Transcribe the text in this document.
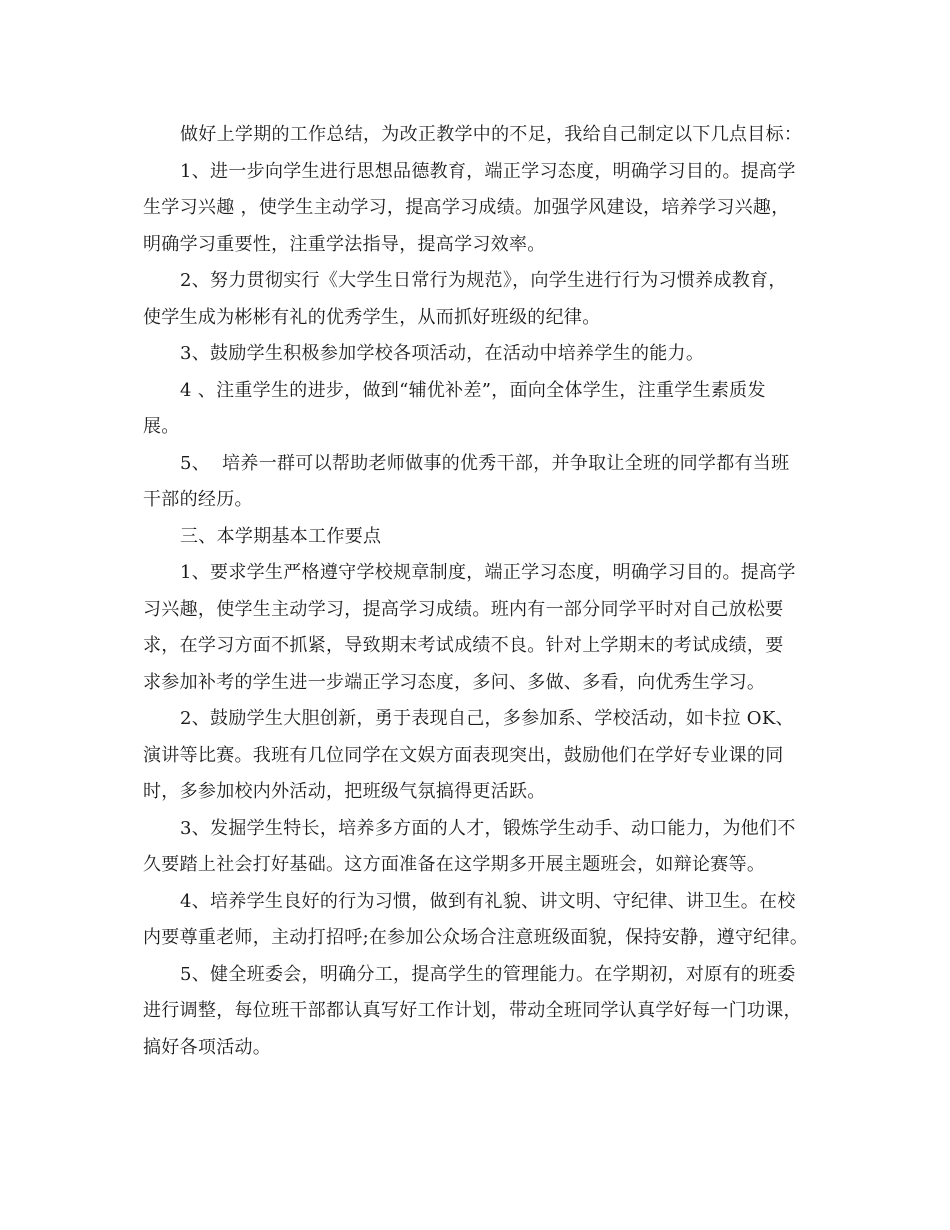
做好上学期的工作总结，为改正教学中的不足，我给自己制定以下几点目标：
1、进一步向学生进行思想品德教育，端正学习态度，明确学习目的。提高学
生学习兴趣 ，使学生主动学习，提高学习成绩。加强学风建设，培养学习兴趣，
明确学习重要性，注重学法指导，提高学习效率。
2、努力贯彻实行《大学生日常行为规范》，向学生进行行为习惯养成教育，
使学生成为彬彬有礼的优秀学生，从而抓好班级的纪律。
3、鼓励学生积极参加学校各项活动，在活动中培养学生的能力。
4 、注重学生的进步，做到“辅优补差”，面向全体学生，注重学生素质发
展。
5、  培养一群可以帮助老师做事的优秀干部，并争取让全班的同学都有当班
干部的经历。
三、本学期基本工作要点
1、要求学生严格遵守学校规章制度，端正学习态度，明确学习目的。提高学
习兴趣，使学生主动学习，提高学习成绩。班内有一部分同学平时对自己放松要
求，在学习方面不抓紧，导致期末考试成绩不良。针对上学期末的考试成绩，要
求参加补考的学生进一步端正学习态度，多问、多做、多看，向优秀生学习。
2、鼓励学生大胆创新，勇于表现自己，多参加系、学校活动，如卡拉 OK、
演讲等比赛。我班有几位同学在文娱方面表现突出，鼓励他们在学好专业课的同
时，多参加校内外活动，把班级气氛搞得更活跃。
3、发掘学生特长，培养多方面的人才，锻炼学生动手、动口能力，为他们不
久要踏上社会打好基础。这方面准备在这学期多开展主题班会，如辩论赛等。
4、培养学生良好的行为习惯，做到有礼貌、讲文明、守纪律、讲卫生。在校
内要尊重老师，主动打招呼;在参加公众场合注意班级面貌，保持安静，遵守纪律。
5、健全班委会，明确分工，提高学生的管理能力。在学期初，对原有的班委
进行调整，每位班干部都认真写好工作计划，带动全班同学认真学好每一门功课，
搞好各项活动。
